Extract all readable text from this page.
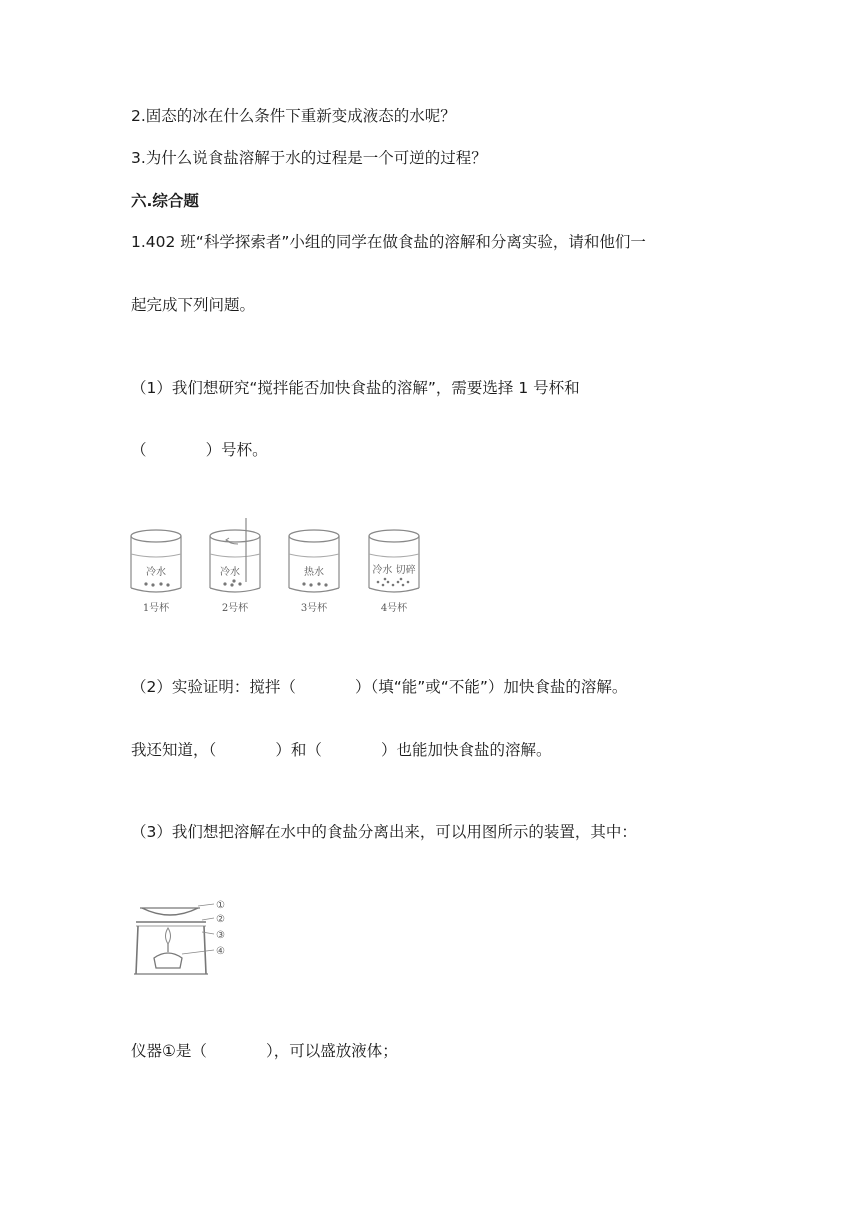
2.固态的冰在什么条件下重新变成液态的水呢？
3.为什么说食盐溶解于水的过程是一个可逆的过程？
六.综合题
1.402 班“科学探索者”小组的同学在做食盐的溶解和分离实验，请和他们一
起完成下列问题。
（1）我们想研究“搅拌能否加快食盐的溶解”，需要选择 1 号杯和
（            ）号杯。
冷水
1号杯
冷水
2号杯
热水
3号杯
冷水 切碎
4号杯
（2）实验证明：搅拌（            ）（填“能”或“不能”）加快食盐的溶解。
我还知道，（            ）和（            ）也能加快食盐的溶解。
（3）我们想把溶解在水中的食盐分离出来，可以用图所示的装置，其中：
①
②
③
④
仪器①是（            ），可以盛放液体；
